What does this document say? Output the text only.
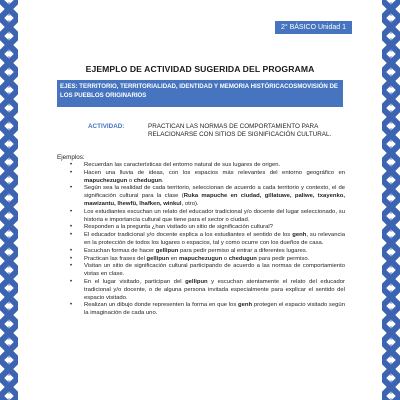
2° BÁSICO Unidad 1
EJEMPLO DE ACTIVIDAD SUGERIDA DEL PROGRAMA
EJES: TERRITORIO, TERRITORIALIDAD, IDENTIDAD Y MEMORIA HISTÓRICACOSMOVISIÓN DE LOS PUEBLOS ORIGINARIOS
ACTIVIDAD:	PRACTICAN LAS NORMAS DE COMPORTAMIENTO PARA RELACIONARSE CON SITIOS DE SIGNIFICACIÓN CULTURAL.
Ejemplos:
• Recuerdan las características del entorno natural de sus lugares de origen.
• Hacen una lluvia de ideas, con los espacios más relevantes del entorno geográfico en mapuchezugun o chedugun.
• Según sea la realidad de cada territorio, seleccionan de acuerdo a cada territorio y contexto, el de significación cultural para la clase (Ruka mapuche en ciudad, gillatuwe, paliwe, txayenko, mawizantu, lhewfü, lhafken, winkul, otro).
• Los estudiantes escuchan un relato del educador tradicional y/o docente del lugar seleccionado, su historia e importancia cultural que tiene para el sector o ciudad.
• Responden a la pregunta ¿han visitado un sitio de significación cultural?
• El educador tradicional y/o docente explica a los estudiantes el sentido de los genh, su relevancia en la protección de todos los lugares o espacios, tal y como ocurre con los dueños de casa.
• Escuchan formas de hacer gellipun para pedir permiso al entrar a diferentes lugares.
• Practican las frases del gellipun en mapuchezugun o chedugun para pedir permiso.
• Visitan un sitio de significación cultural participando de acuerdo a las normas de comportamiento vistas en clase.
• En el lugar visitado, participan del gellipun y escuchan atentamente el relato del educador tradicional y/o docente, o de alguna persona invitada especialmente para explicar el sentido del espacio visitado.
• Realizan un dibujo donde representen la forma en que los genh protegen el espacio visitado según la imaginación de cada uno.
